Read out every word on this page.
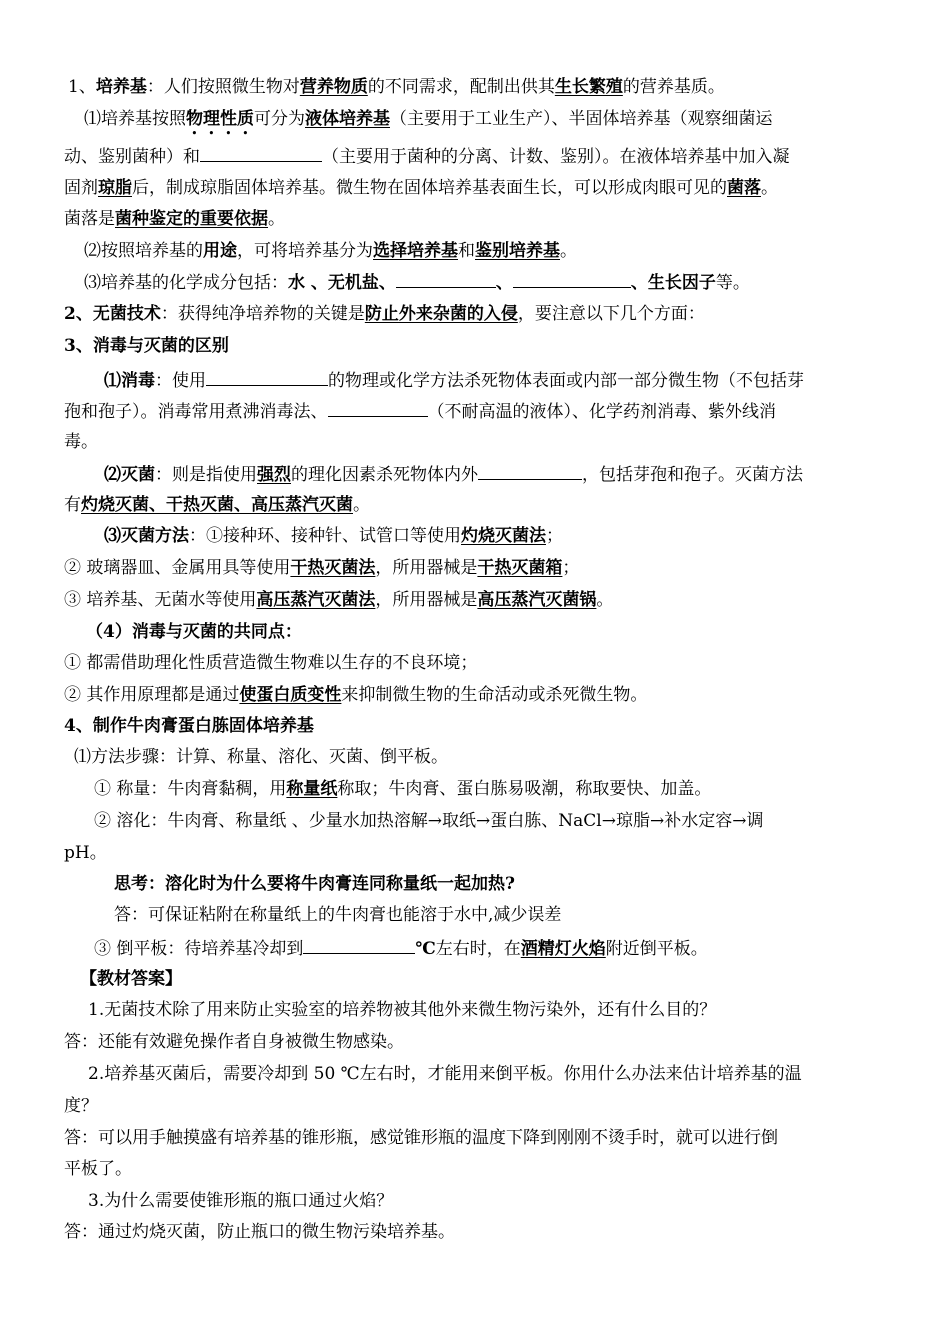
1、培养基：人们按照微生物对营养物质的不同需求，配制出供其生长繁殖的营养基质。
⑴培养基按照物理性质可分为液体培养基（主要用于工业生产）、半固体培养基（观察细菌运
动、鉴别菌种）和	（主要用于菌种的分离、计数、鉴别）。在液体培养基中加入凝
固剂琼脂后，制成琼脂固体培养基。微生物在固体培养基表面生长，可以形成肉眼可见的菌落。
菌落是菌种鉴定的重要依据。
⑵按照培养基的用途，可将培养基分为选择培养基和鉴别培养基。
⑶培养基的化学成分包括：水 、无机盐、	、	、生长因子等。
2、无菌技术：获得纯净培养物的关键是防止外来杂菌的入侵，要注意以下几个方面：
3、消毒与灭菌的区别
⑴消毒：使用	的物理或化学方法杀死物体表面或内部一部分微生物（不包括芽
孢和孢子）。消毒常用煮沸消毒法、	（不耐高温的液体）、化学药剂消毒、紫外线消
毒。
⑵灭菌：则是指使用强烈的理化因素杀死物体内外	，包括芽孢和孢子。灭菌方法
有灼烧灭菌、干热灭菌、高压蒸汽灭菌。
⑶灭菌方法：①接种环、接种针、试管口等使用灼烧灭菌法；
② 玻璃器皿、金属用具等使用干热灭菌法，所用器械是干热灭菌箱；
③ 培养基、无菌水等使用高压蒸汽灭菌法，所用器械是高压蒸汽灭菌锅。
（4）消毒与灭菌的共同点：
① 都需借助理化性质营造微生物难以生存的不良环境；
② 其作用原理都是通过使蛋白质变性来抑制微生物的生命活动或杀死微生物。
4、制作牛肉膏蛋白胨固体培养基
⑴方法步骤：计算、称量、溶化、灭菌、倒平板。
① 称量：牛肉膏黏稠，用称量纸称取；牛肉膏、蛋白胨易吸潮，称取要快、加盖。
② 溶化：牛肉膏、称量纸 、少量水加热溶解→取纸→蛋白胨、NaCl→琼脂→补水定容→调
pH。
思考：溶化时为什么要将牛肉膏连同称量纸一起加热?
答：可保证粘附在称量纸上的牛肉膏也能溶于水中,减少误差
③ 倒平板：待培养基冷却到	℃左右时，在酒精灯火焰附近倒平板。
【教材答案】
1.无菌技术除了用来防止实验室的培养物被其他外来微生物污染外，还有什么目的？
答：还能有效避免操作者自身被微生物感染。
2.培养基灭菌后，需要冷却到 50 ℃左右时，才能用来倒平板。你用什么办法来估计培养基的温
度？
答：可以用手触摸盛有培养基的锥形瓶，感觉锥形瓶的温度下降到刚刚不烫手时，就可以进行倒
平板了。
3.为什么需要使锥形瓶的瓶口通过火焰？
答：通过灼烧灭菌，防止瓶口的微生物污染培养基。
